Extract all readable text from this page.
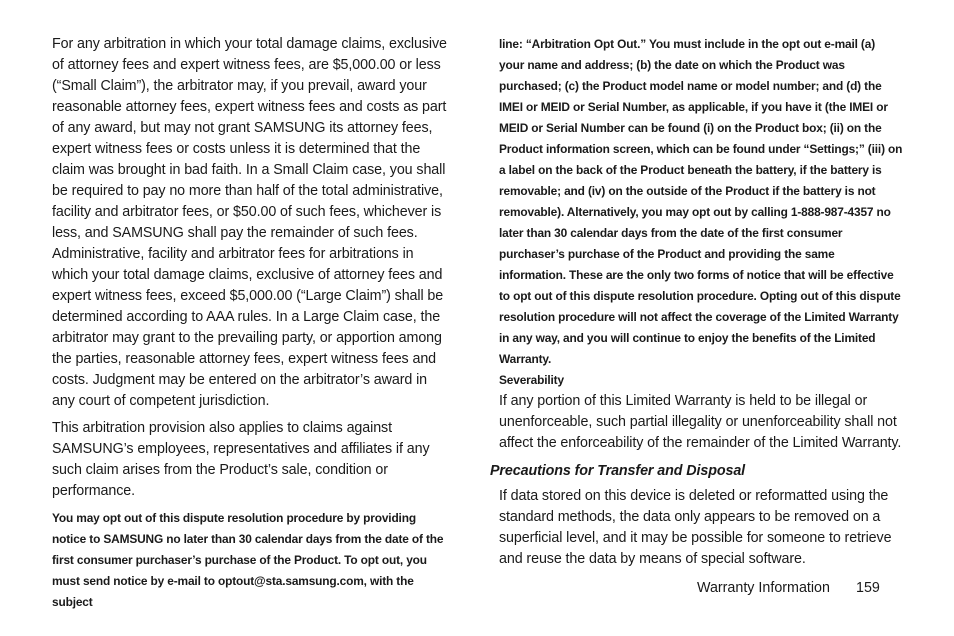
For any arbitration in which your total damage claims, exclusive of attorney fees and expert witness fees, are $5,000.00 or less (“Small Claim”), the arbitrator may, if you prevail, award your reasonable attorney fees, expert witness fees and costs as part of any award, but may not grant SAMSUNG its attorney fees, expert witness fees or costs unless it is determined that the claim was brought in bad faith. In a Small Claim case, you shall be required to pay no more than half of the total administrative, facility and arbitrator fees, or $50.00 of such fees, whichever is less, and SAMSUNG shall pay the remainder of such fees. Administrative, facility and arbitrator fees for arbitrations in which your total damage claims, exclusive of attorney fees and expert witness fees, exceed $5,000.00 (“Large Claim”) shall be determined according to AAA rules. In a Large Claim case, the arbitrator may grant to the prevailing party, or apportion among the parties, reasonable attorney fees, expert witness fees and costs. Judgment may be entered on the arbitrator’s award in any court of competent jurisdiction.

This arbitration provision also applies to claims against SAMSUNG’s employees, representatives and affiliates if any such claim arises from the Product’s sale, condition or performance.

You may opt out of this dispute resolution procedure by providing notice to SAMSUNG no later than 30 calendar days from the date of the first consumer purchaser’s purchase of the Product. To opt out, you must send notice by e-mail to optout@sta.samsung.com, with the subject

line: “Arbitration Opt Out.” You must include in the opt out e-mail (a) your name and address; (b) the date on which the Product was purchased; (c) the Product model name or model number; and (d) the IMEI or MEID or Serial Number, as applicable, if you have it (the IMEI or MEID or Serial Number can be found (i) on the Product box; (ii) on the Product information screen, which can be found under “Settings;” (iii) on a label on the back of the Product beneath the battery, if the battery is removable; and (iv) on the outside of the Product if the battery is not removable). Alternatively, you may opt out by calling 1-888-987-4357 no later than 30 calendar days from the date of the first consumer purchaser’s purchase of the Product and providing the same information. These are the only two forms of notice that will be effective to opt out of this dispute resolution procedure. Opting out of this dispute resolution procedure will not affect the coverage of the Limited Warranty in any way, and you will continue to enjoy the benefits of the Limited Warranty.

Severability

If any portion of this Limited Warranty is held to be illegal or unenforceable, such partial illegality or unenforceability shall not affect the enforceability of the remainder of the Limited Warranty.

Precautions for Transfer and Disposal

If data stored on this device is deleted or reformatted using the standard methods, the data only appears to be removed on a superficial level, and it may be possible for someone to retrieve and reuse the data by means of special software.

Warranty Information 159
